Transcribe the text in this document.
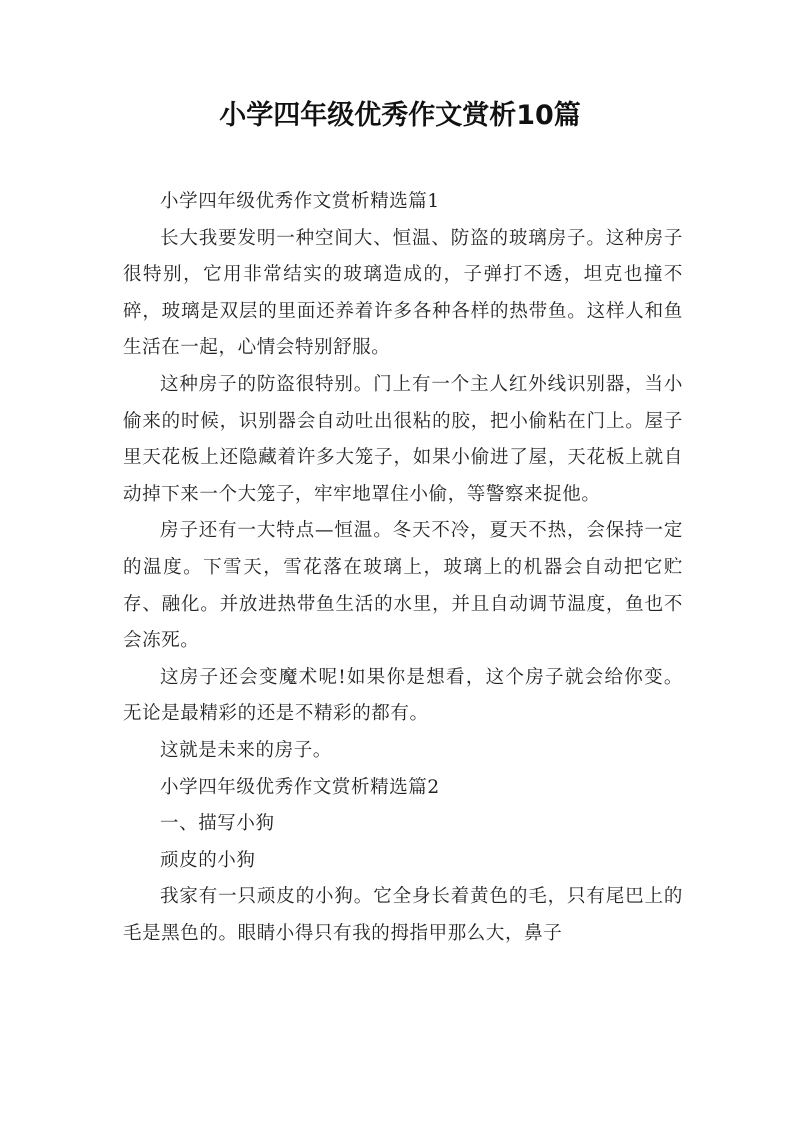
小学四年级优秀作文赏析10篇

小学四年级优秀作文赏析精选篇1

长大我要发明一种空间大、恒温、防盗的玻璃房子。这种房子很特别，它用非常结实的玻璃造成的，子弹打不透，坦克也撞不碎，玻璃是双层的里面还养着许多各种各样的热带鱼。这样人和鱼生活在一起，心情会特别舒服。

这种房子的防盗很特别。门上有一个主人红外线识别器，当小偷来的时候，识别器会自动吐出很粘的胶，把小偷粘在门上。屋子里天花板上还隐藏着许多大笼子，如果小偷进了屋，天花板上就自动掉下来一个大笼子，牢牢地罩住小偷，等警察来捉他。

房子还有一大特点—恒温。冬天不冷，夏天不热，会保持一定的温度。下雪天，雪花落在玻璃上，玻璃上的机器会自动把它贮存、融化。并放进热带鱼生活的水里，并且自动调节温度，鱼也不会冻死。

这房子还会变魔术呢!如果你是想看，这个房子就会给你变。无论是最精彩的还是不精彩的都有。

这就是未来的房子。

小学四年级优秀作文赏析精选篇2

一、描写小狗

顽皮的小狗

我家有一只顽皮的小狗。它全身长着黄色的毛，只有尾巴上的毛是黑色的。眼睛小得只有我的拇指甲那么大，鼻子
